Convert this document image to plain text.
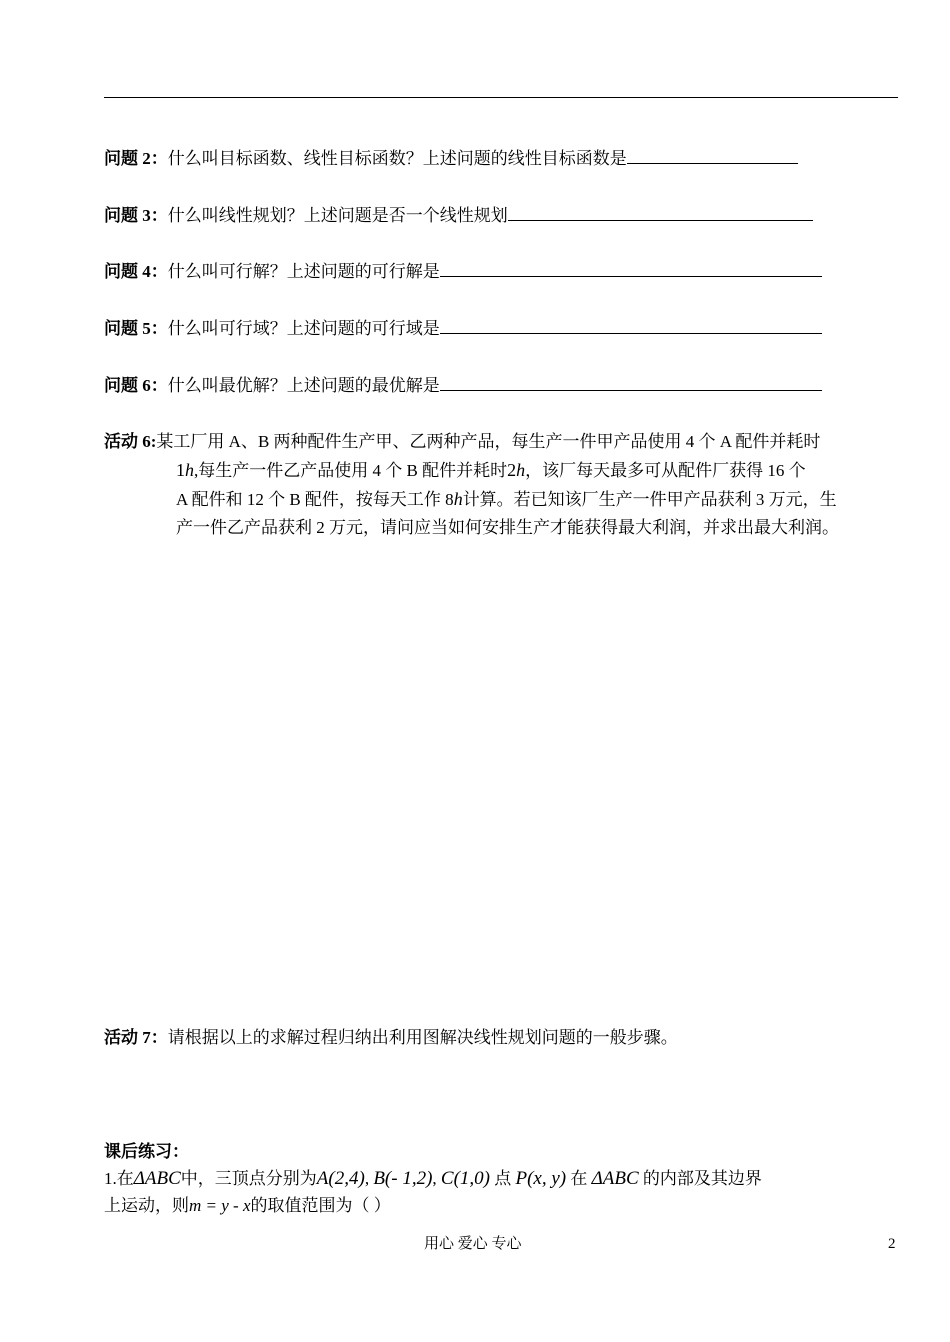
问题 2：什么叫目标函数、线性目标函数？上述问题的线性目标函数是
问题 3：什么叫线性规划？上述问题是否一个线性规划
问题 4：什么叫可行解？上述问题的可行解是
问题 5：什么叫可行域？上述问题的可行域是
问题 6：什么叫最优解？上述问题的最优解是
活动 6:某工厂用 A、B 两种配件生产甲、乙两种产品，每生产一件甲产品使用 4 个 A 配件并耗时
1h,每生产一件乙产品使用 4 个 B 配件并耗时2h，该厂每天最多可从配件厂获得 16 个
A 配件和 12 个 B 配件，按每天工作 8h计算。若已知该厂生产一件甲产品获利 3 万元，生
产一件乙产品获利 2 万元，请问应当如何安排生产才能获得最大利润，并求出最大利润。
活动 7：请根据以上的求解过程归纳出利用图解决线性规划问题的一般步骤。
课后练习：
1.在ΔABC中，三顶点分别为A(2,4), B(- 1,2), C(1,0) 点 P(x, y) 在 ΔABC 的内部及其边界
上运动，则m = y - x的取值范围为（ ）
用心 爱心 专心	2
